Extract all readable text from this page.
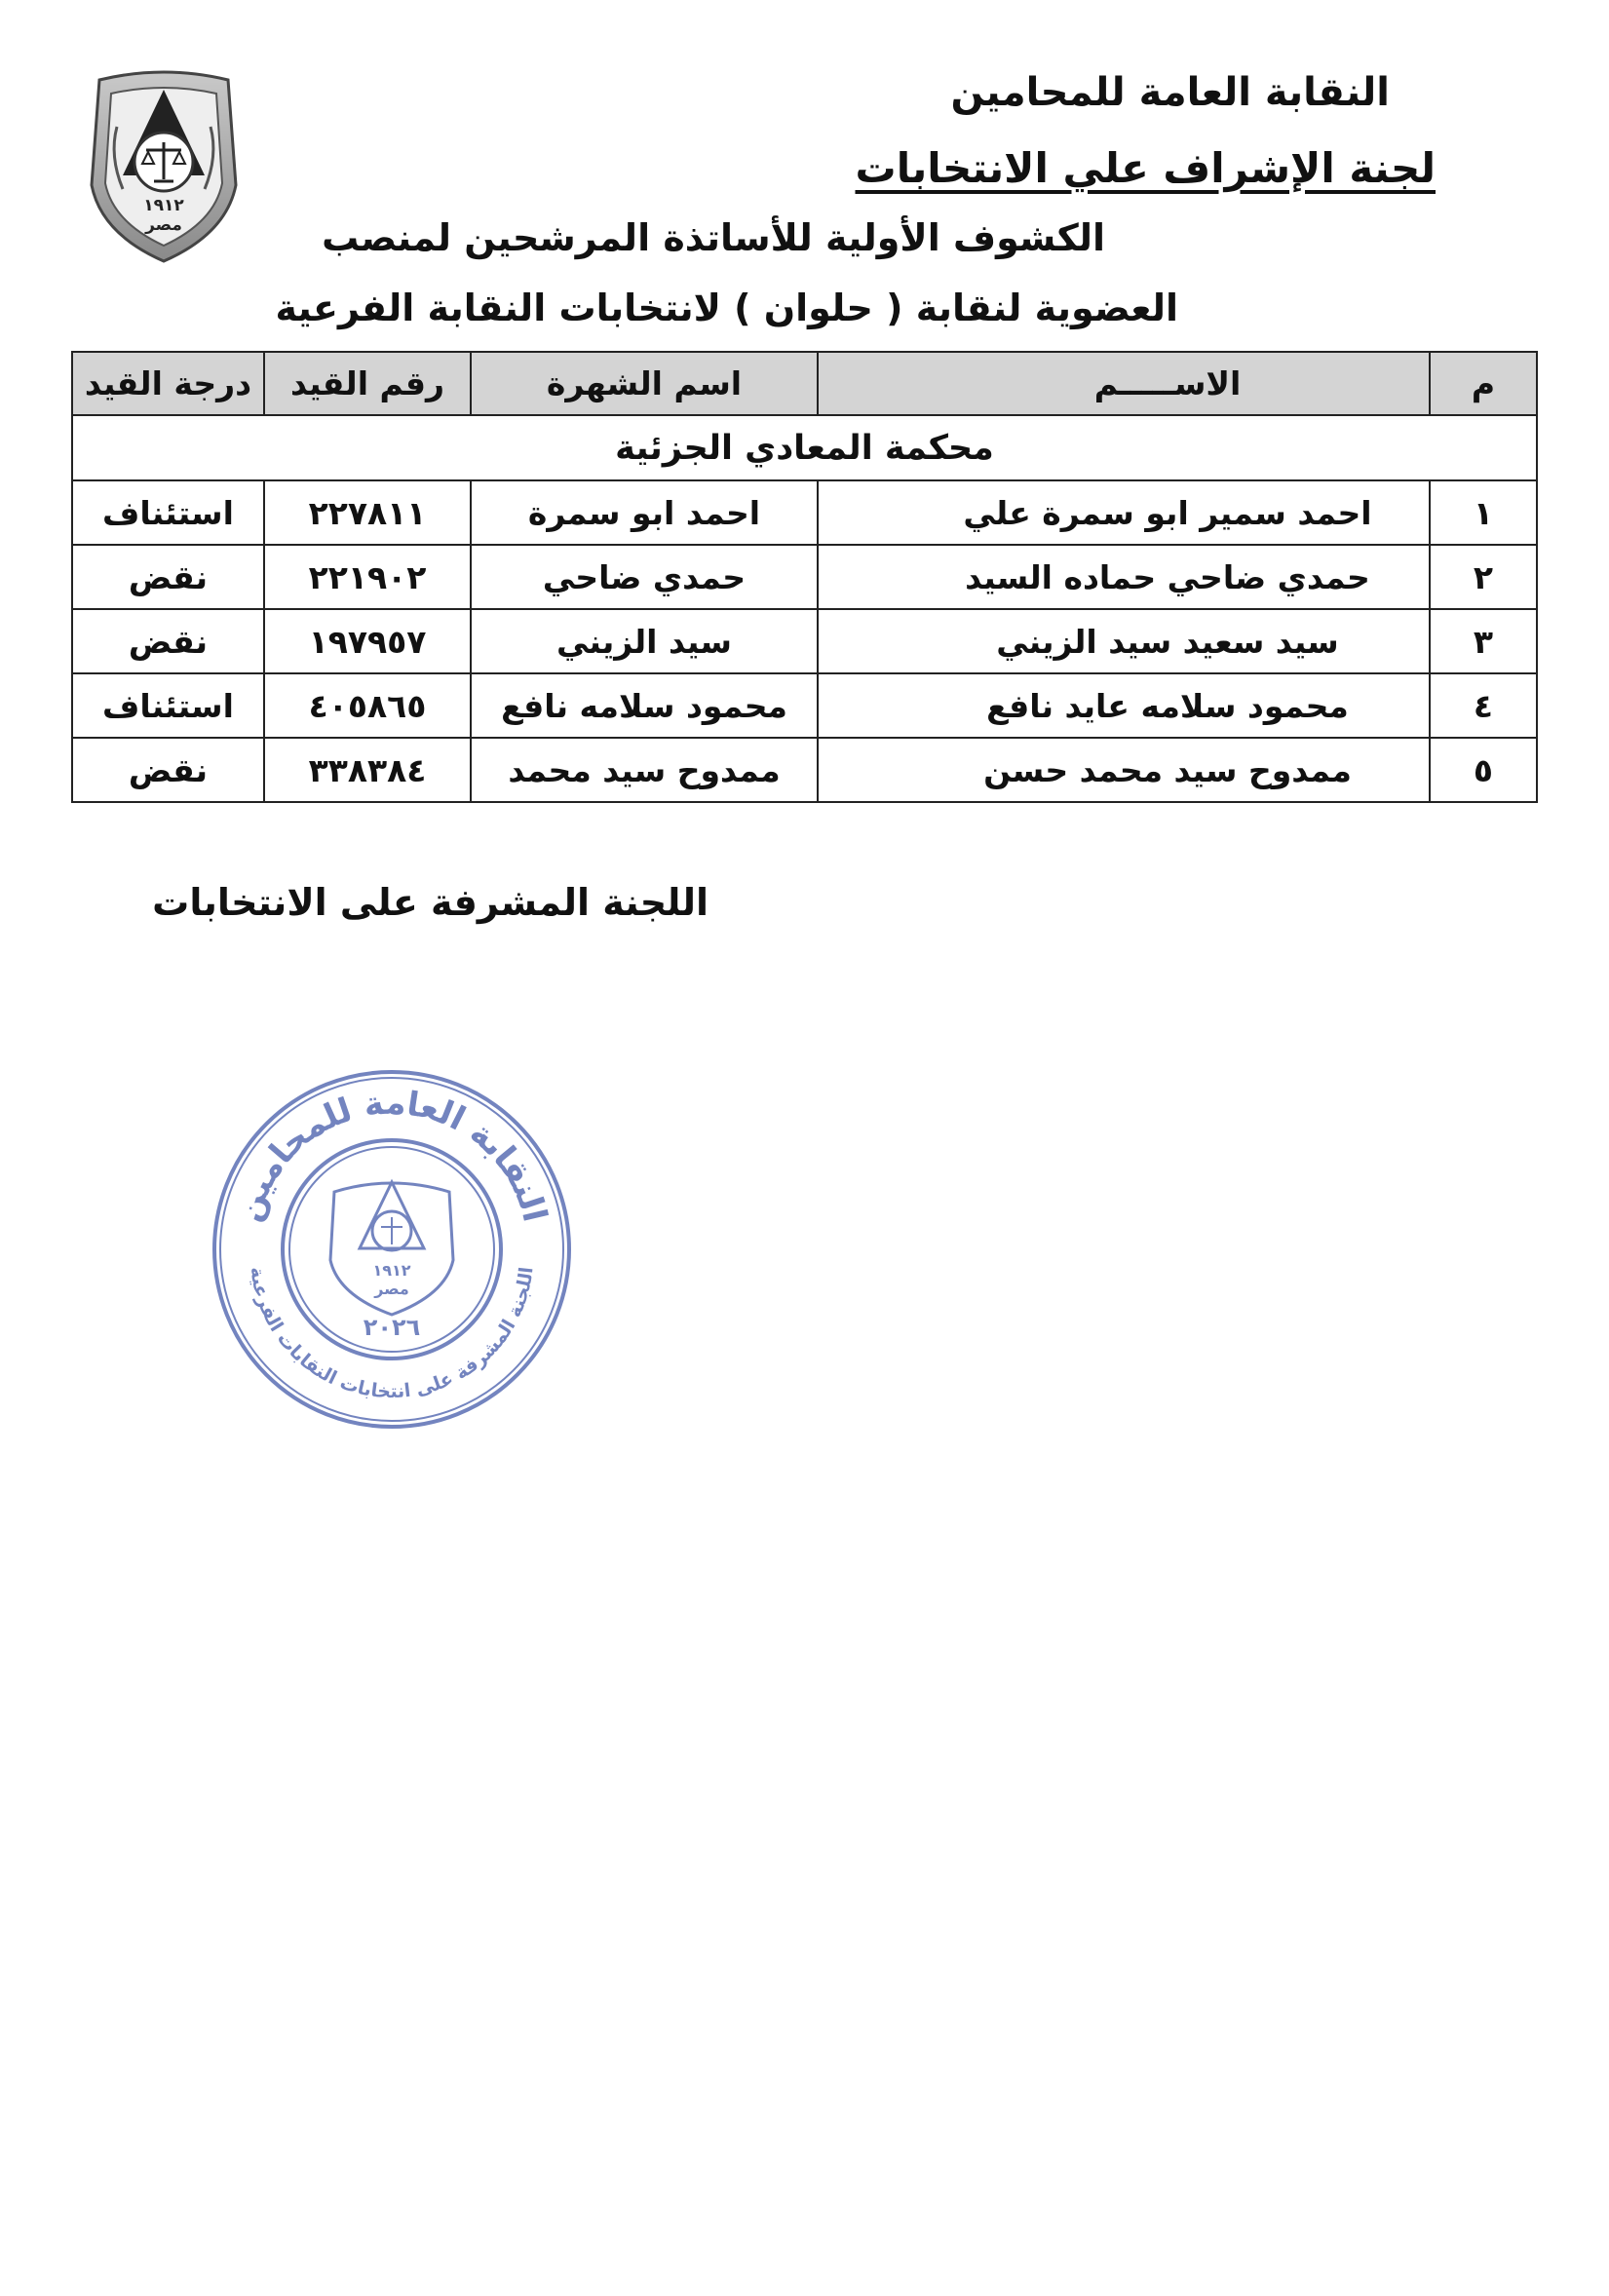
النقابة العامة للمحامين
لجنة الإشراف علي الانتخابات
الكشوف الأولية للأساتذة المرشحين لمنصب
العضوية لنقابة ( حلوان ) لانتخابات النقابة الفرعية
١٩١٢
مصر
م	الاســـــم	اسم الشهرة	رقم القيد	درجة القيد
محكمة المعادي الجزئية				
١	احمد سمير ابو سمرة علي	احمد ابو سمرة	٢٢٧٨١١	استئناف
٢	حمدي ضاحي حماده السيد	حمدي ضاحي	٢٢١٩٠٢	نقض
٣	سيد سعيد سيد الزيني	سيد الزيني	١٩٧٩٥٧	نقض
٤	محمود سلامه عايد نافع	محمود سلامه نافع	٤٠٥٨٦٥	استئناف
٥	ممدوح سيد محمد حسن	ممدوح سيد محمد	٣٣٨٣٨٤	نقض
اللجنة المشرفة على الانتخابات
النقابة العامة للمحامين
اللجنة المشرفة على انتخابات النقابات الفرعية
٢٠٢٦
١٩١٢
مصر
